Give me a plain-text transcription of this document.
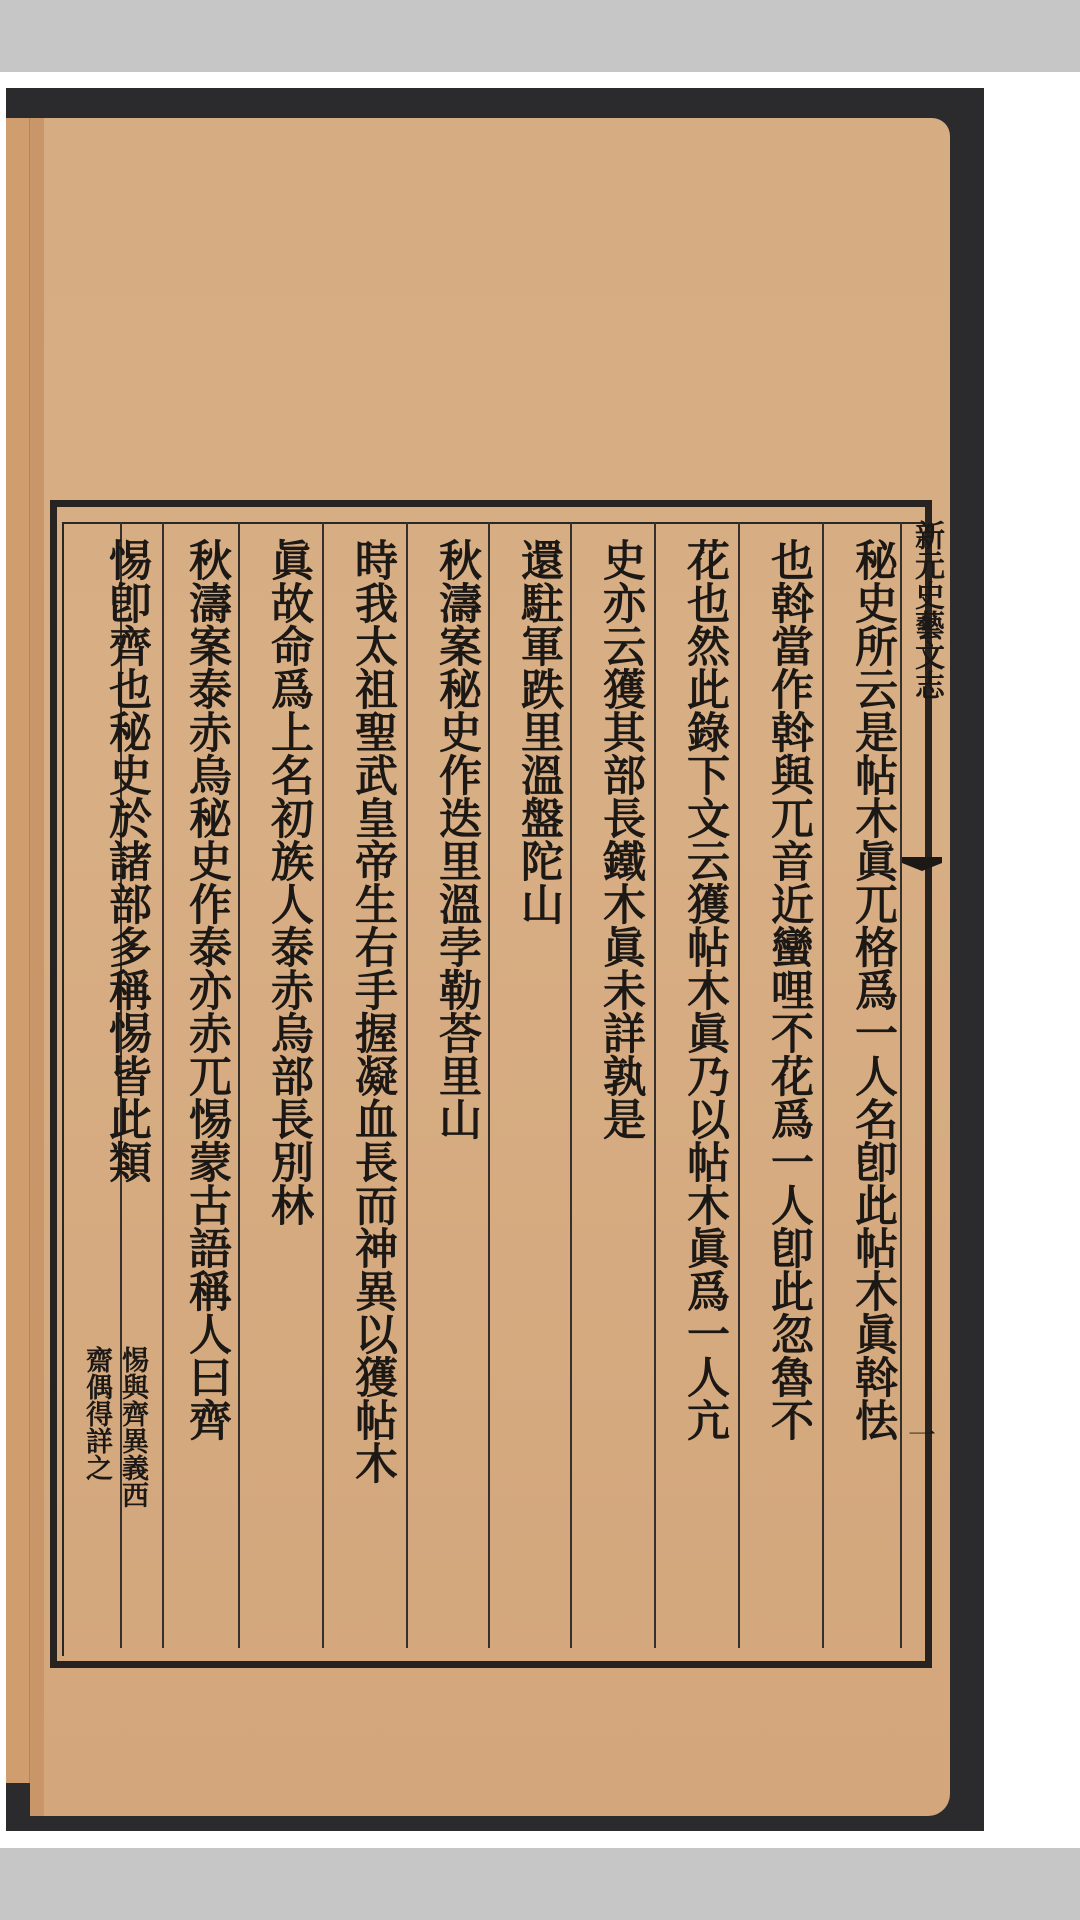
新元史藝文志
一
秘史所云是帖木眞兀格爲一人名卽此帖木眞斡怯
也斡當作斡與兀音近蠻哩不花爲一人卽此忽魯不
花也然此錄下文云獲帖木眞乃以帖木眞爲一人亢
史亦云獲其部長鐵木眞未詳孰是
還駐軍跌里溫盤陀山
秋濤案秘史作迭里溫孛勒荅里山
時我太祖聖武皇帝生右手握凝血長而神異以獲帖木
眞故命爲上名初族人泰赤烏部長別林
秋濤案泰赤烏秘史作泰亦赤兀惕蒙古語稱人曰齊
惕卽齊也秘史於諸部多稱惕皆此類
惕與齊異義西
齋偶得詳之
